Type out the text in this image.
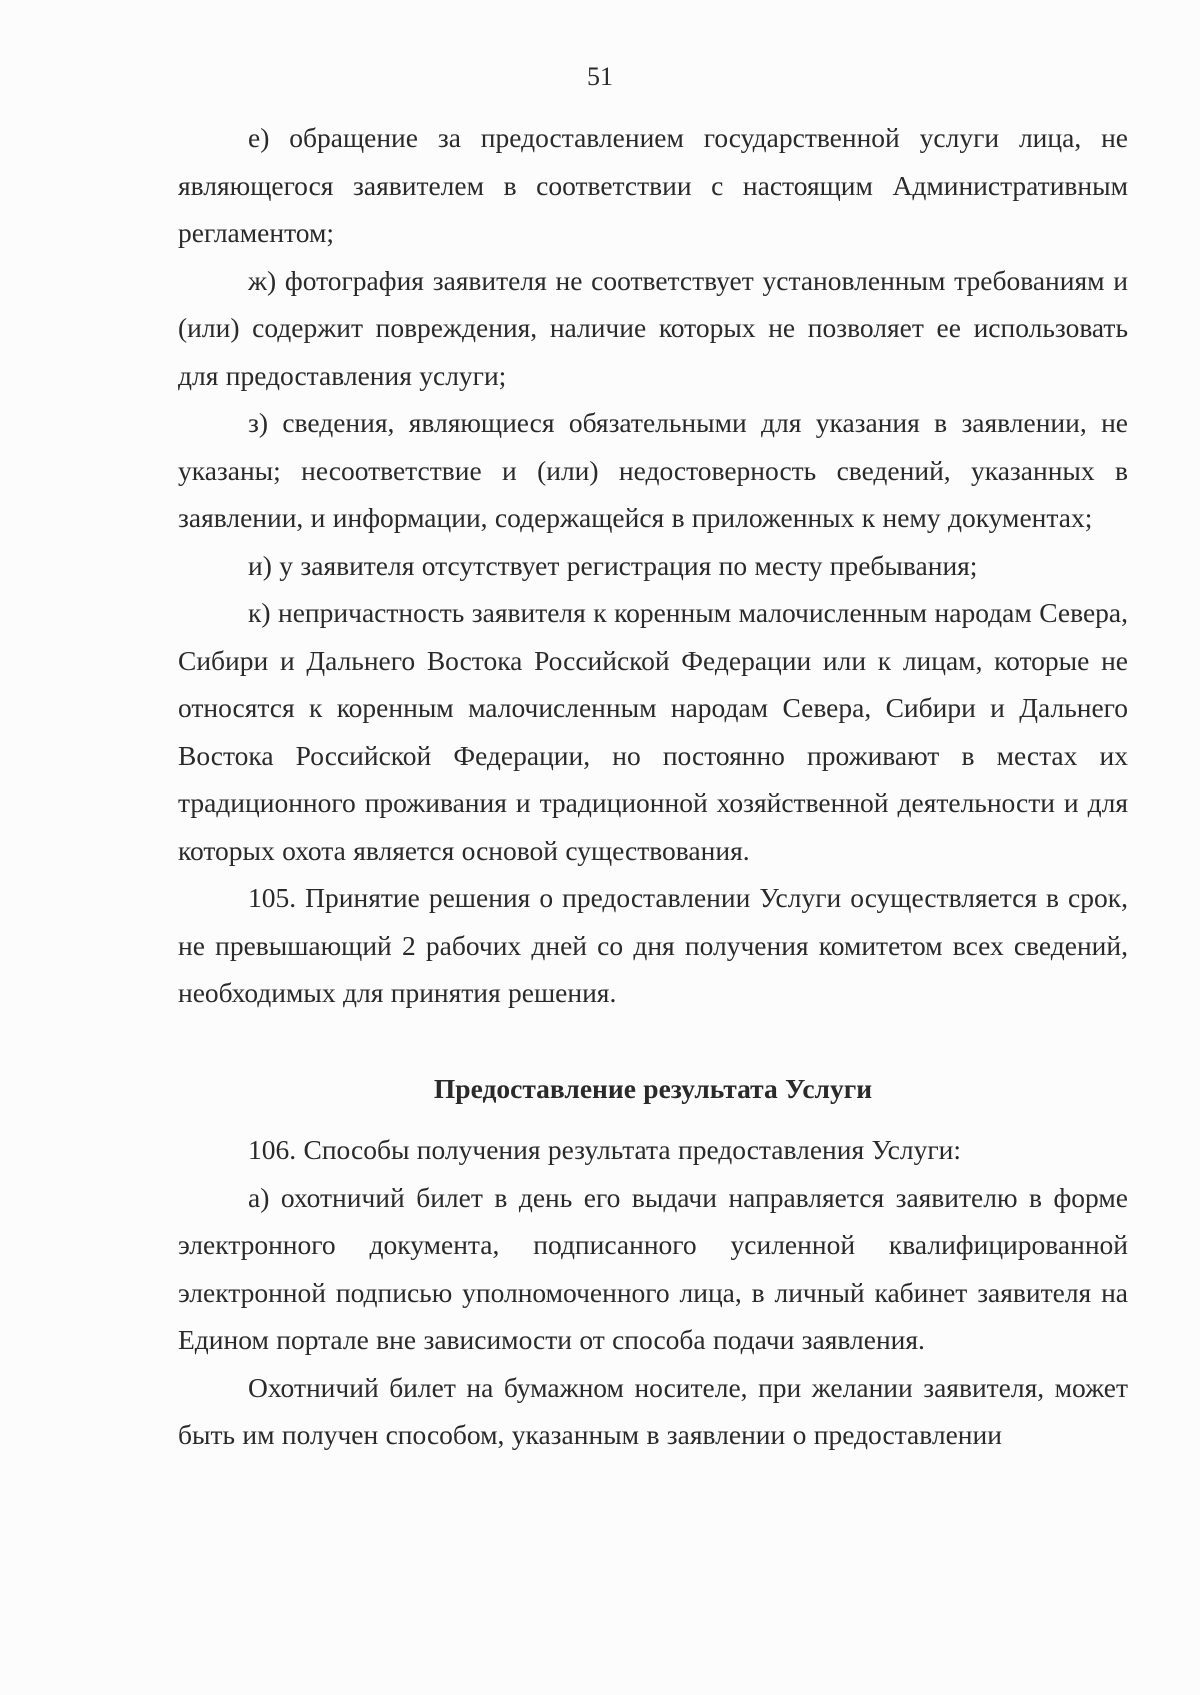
51

е) обращение за предоставлением государственной услуги лица, не являющегося заявителем в соответствии с настоящим Административным регламентом;

ж) фотография заявителя не соответствует установленным требованиям и (или) содержит повреждения, наличие которых не позволяет ее использовать для предоставления услуги;

з) сведения, являющиеся обязательными для указания в заявлении, не указаны; несоответствие и (или) недостоверность сведений, указанных в заявлении, и информации, содержащейся в приложенных к нему документах;

и) у заявителя отсутствует регистрация по месту пребывания;

к) непричастность заявителя к коренным малочисленным народам Севера, Сибири и Дальнего Востока Российской Федерации или к лицам, которые не относятся к коренным малочисленным народам Севера, Сибири и Дальнего Востока Российской Федерации, но постоянно проживают в местах их традиционного проживания и традиционной хозяйственной деятельности и для которых охота является основой существования.

105. Принятие решения о предоставлении Услуги осуществляется в срок, не превышающий 2 рабочих дней со дня получения комитетом всех сведений, необходимых для принятия решения.

Предоставление результата Услуги

106. Способы получения результата предоставления Услуги:

а) охотничий билет в день его выдачи направляется заявителю в форме электронного документа, подписанного усиленной квалифицированной электронной подписью уполномоченного лица, в личный кабинет заявителя на Едином портале вне зависимости от способа подачи заявления.

Охотничий билет на бумажном носителе, при желании заявителя, может быть им получен способом, указанным в заявлении о предоставлении
